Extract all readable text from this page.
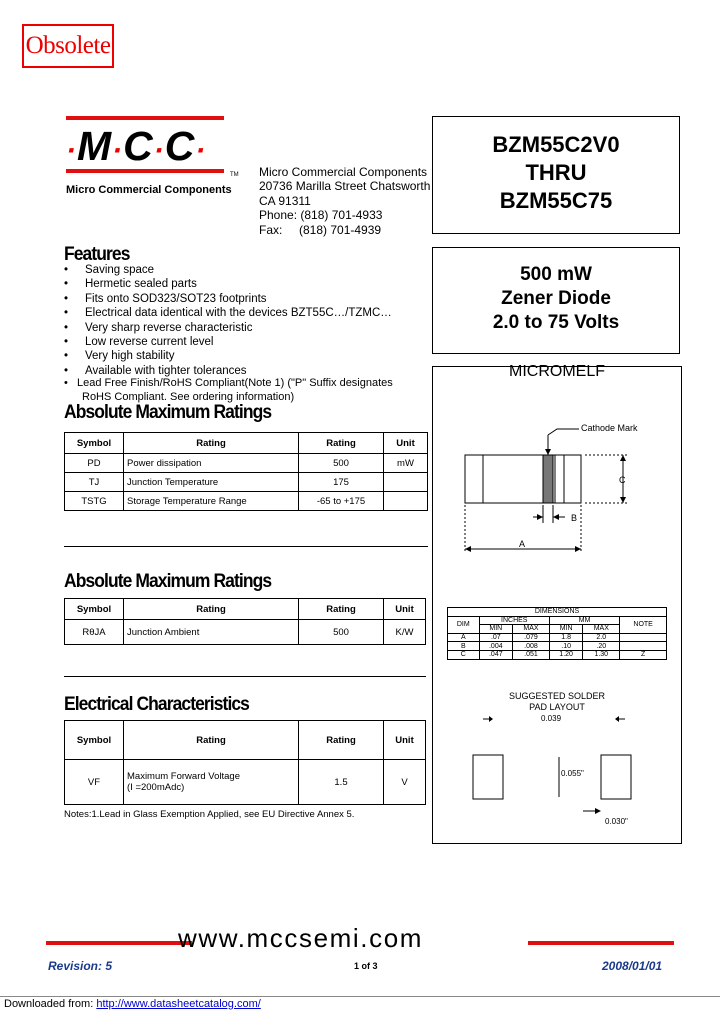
Obsolete
·M·C·C·
TM
Micro Commercial Components
Micro Commercial Components
20736 Marilla Street Chatsworth
CA 91311
Phone: (818) 701-4933
Fax:     (818) 701-4939
BZM55C2V0
THRU
BZM55C75
500 mW
Zener Diode
2.0 to 75 Volts
MICROMELF
Cathode Mark
C
B
A
DIMENSIONS					
DIM	INCHES		MM		NOTE
	MIN	MAX	MIN	MAX	
A	.07	.079	1.8	2.0	
B	.004	.008	.10	.20	
C	.047	.051	1.20	1.30	Z
SUGGESTED SOLDER
PAD LAYOUT
0.039
0.055"
0.030"
Features
• Saving space
• Hermetic sealed parts
• Fits onto SOD323/SOT23 footprints
• Electrical data identical with the devices BZT55C…/TZMC…
• Very sharp reverse characteristic
• Low reverse current level
• Very high stability
• Available with tighter tolerances
•   Lead Free Finish/RoHS Compliant(Note 1) ("P" Suffix designates
RoHS Compliant. See ordering information)
Absolute Maximum Ratings
Symbol	Rating	Rating	Unit
PD	Power dissipation	500	mW
TJ	Junction Temperature	175	
TSTG	Storage Temperature Range	-65 to +175	
Absolute Maximum Ratings
Symbol	Rating	Rating	Unit
RθJA	Junction Ambient	500	K/W
Electrical Characteristics
Symbol	Rating	Rating	Unit
VF	Maximum Forward Voltage
(I =200mAdc)	1.5	V
Notes:1.Lead in Glass Exemption Applied, see EU Directive Annex 5.
www.mccsemi.com
Revision: 5	1 of 3	2008/01/01
Downloaded from: http://www.datasheetcatalog.com/
